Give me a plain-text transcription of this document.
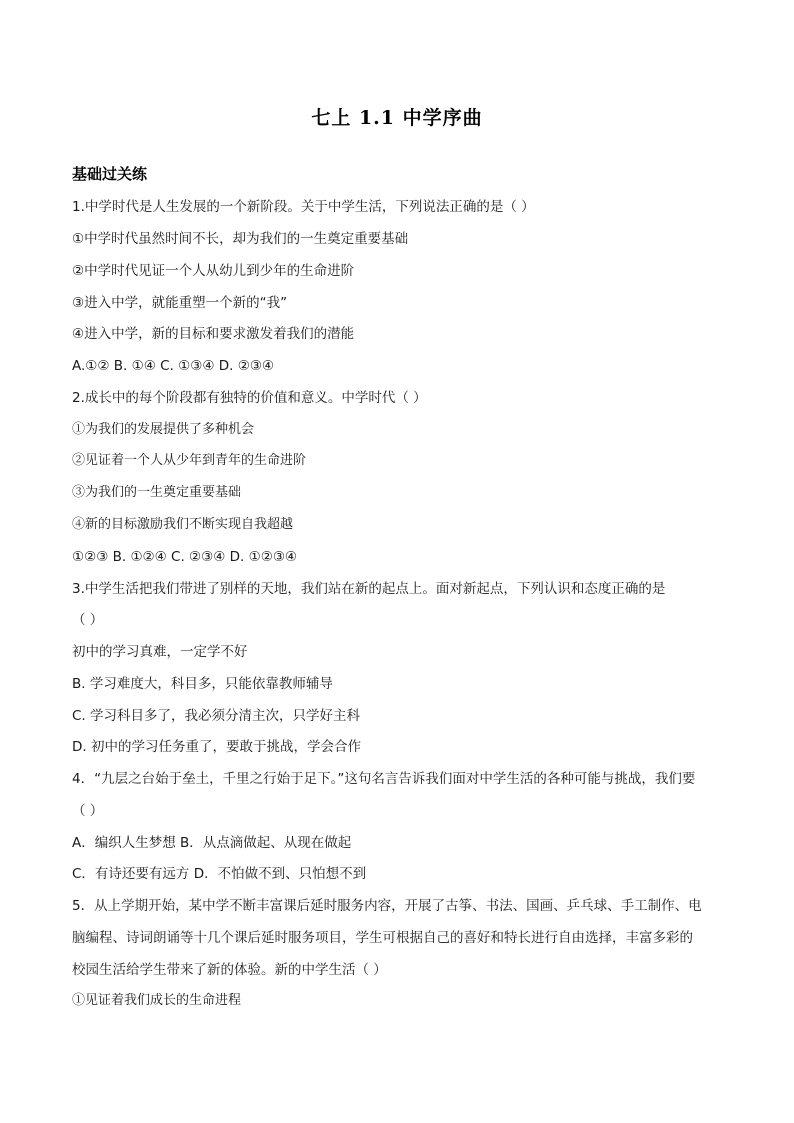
七上 1.1 中学序曲
基础过关练
1.中学时代是人生发展的一个新阶段。关于中学生活，下列说法正确的是（ ）
①中学时代虽然时间不长，却为我们的一生奠定重要基础
②中学时代见证一个人从幼儿到少年的生命进阶
③进入中学，就能重塑一个新的“我”
④进入中学，新的目标和要求激发着我们的潜能
A.①② B. ①④ C. ①③④ D. ②③④
2.成长中的每个阶段都有独特的价值和意义。中学时代（ ）
①为我们的发展提供了多种机会
②见证着一个人从少年到青年的生命进阶
③为我们的一生奠定重要基础
④新的目标激励我们不断实现自我超越
①②③ B. ①②④ C. ②③④ D. ①②③④
3.中学生活把我们带进了别样的天地，我们站在新的起点上。面对新起点，下列认识和态度正确的是
（ ）
初中的学习真难，一定学不好
B. 学习难度大，科目多，只能依靠教师辅导
C. 学习科目多了，我必须分清主次，只学好主科
D. 初中的学习任务重了，要敢于挑战，学会合作
4．“九层之台始于垒土，千里之行始于足下。”这句名言告诉我们面对中学生活的各种可能与挑战，我们要
（ ）
A．编织人生梦想 B．从点滴做起、从现在做起
C．有诗还要有远方 D．不怕做不到、只怕想不到
5．从上学期开始，某中学不断丰富课后延时服务内容，开展了古筝、书法、国画、乒乓球、手工制作、电
脑编程、诗词朗诵等十几个课后延时服务项目，学生可根据自己的喜好和特长进行自由选择，丰富多彩的
校园生活给学生带来了新的体验。新的中学生活（ ）
①见证着我们成长的生命进程
